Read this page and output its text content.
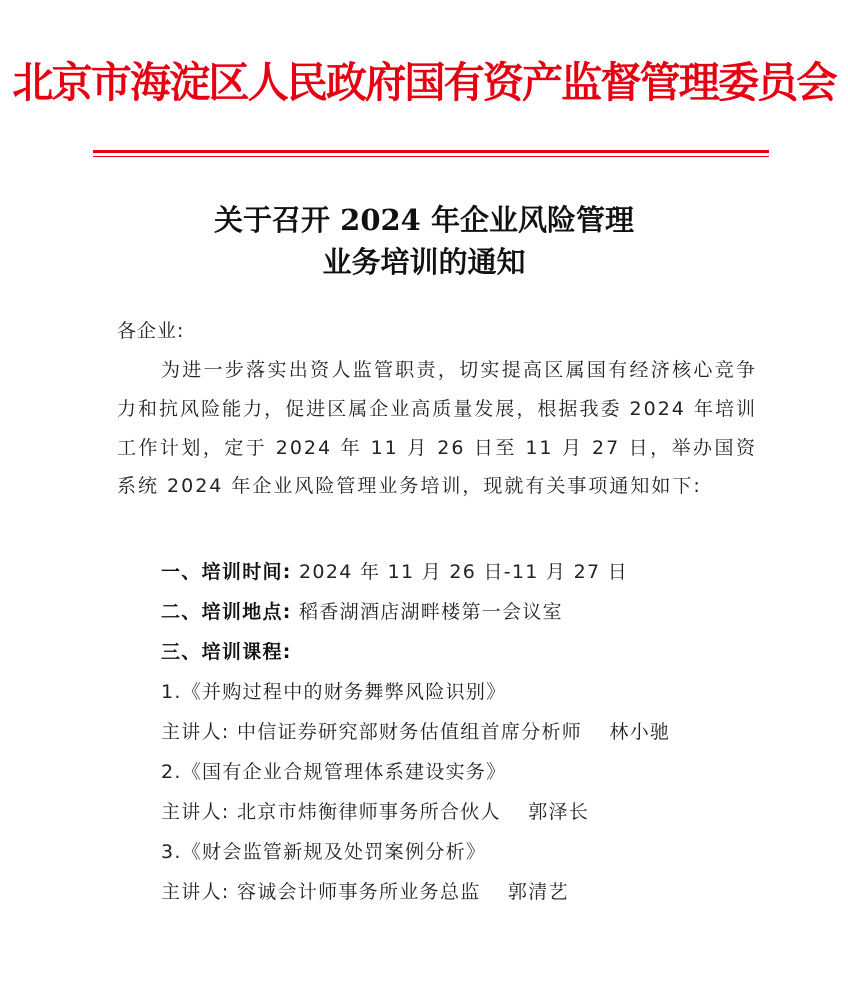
北京市海淀区人民政府国有资产监督管理委员会
关于召开 2024 年企业风险管理
业务培训的通知
各企业:
为进一步落实出资人监管职责，切实提高区属国有经济核心竞争力和抗风险能力，促进区属企业高质量发展，根据我委 2024 年培训工作计划，定于 2024 年 11 月 26 日至 11 月 27 日，举办国资系统 2024 年企业风险管理业务培训，现就有关事项通知如下:
一、培训时间: 2024 年 11 月 26 日-11 月 27 日
二、培训地点: 稻香湖酒店湖畔楼第一会议室
三、培训课程:
1.《并购过程中的财务舞弊风险识别》
主讲人: 中信证券研究部财务估值组首席分析师 林小驰
2.《国有企业合规管理体系建设实务》
主讲人: 北京市炜衡律师事务所合伙人 郭泽长
3.《财会监管新规及处罚案例分析》
主讲人: 容诚会计师事务所业务总监 郭清艺
